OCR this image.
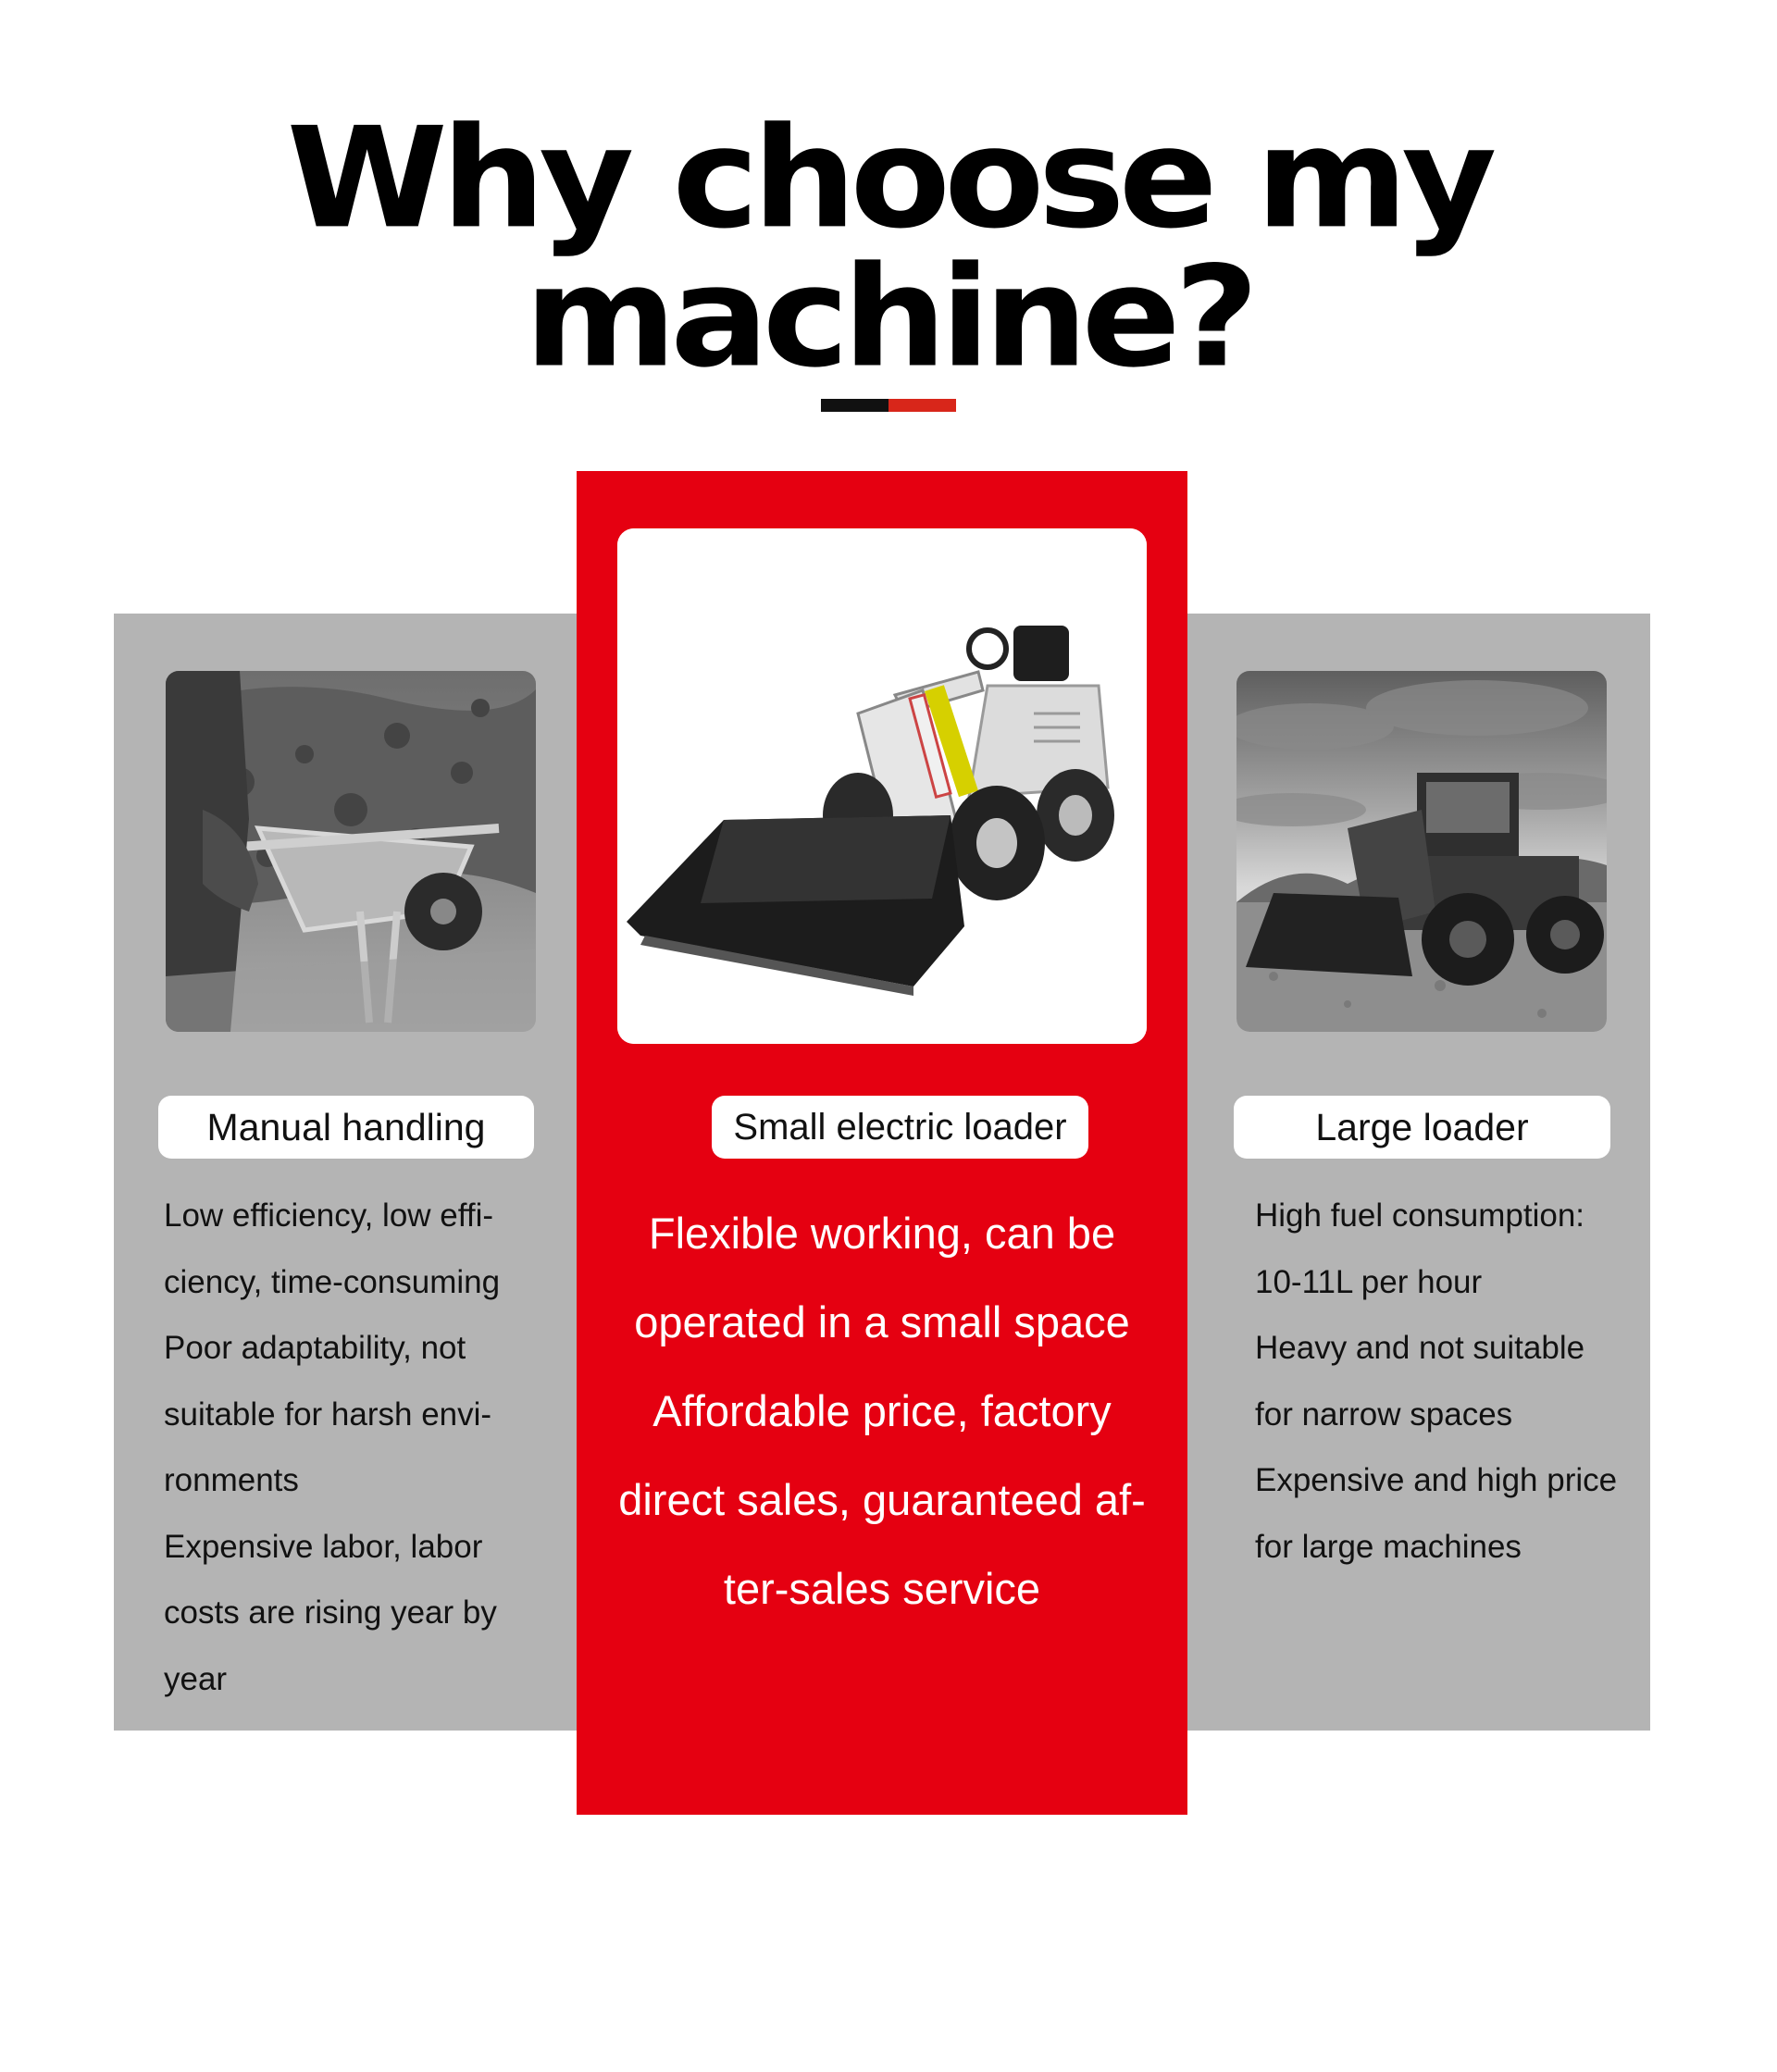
Why choose my machine?
Manual handling	Small electric loader	Large loader
Low efficiency, low effi-
ciency, time-consuming
Poor adaptability, not
suitable for harsh envi-
ronments
Expensive labor, labor
costs are rising year by
year
Flexible working, can be
operated in a small space
Affordable price, factory
direct sales, guaranteed af-
ter-sales service
High fuel consumption:
10-11L per hour
Heavy and not suitable
for narrow spaces
Expensive and high price
for large machines
